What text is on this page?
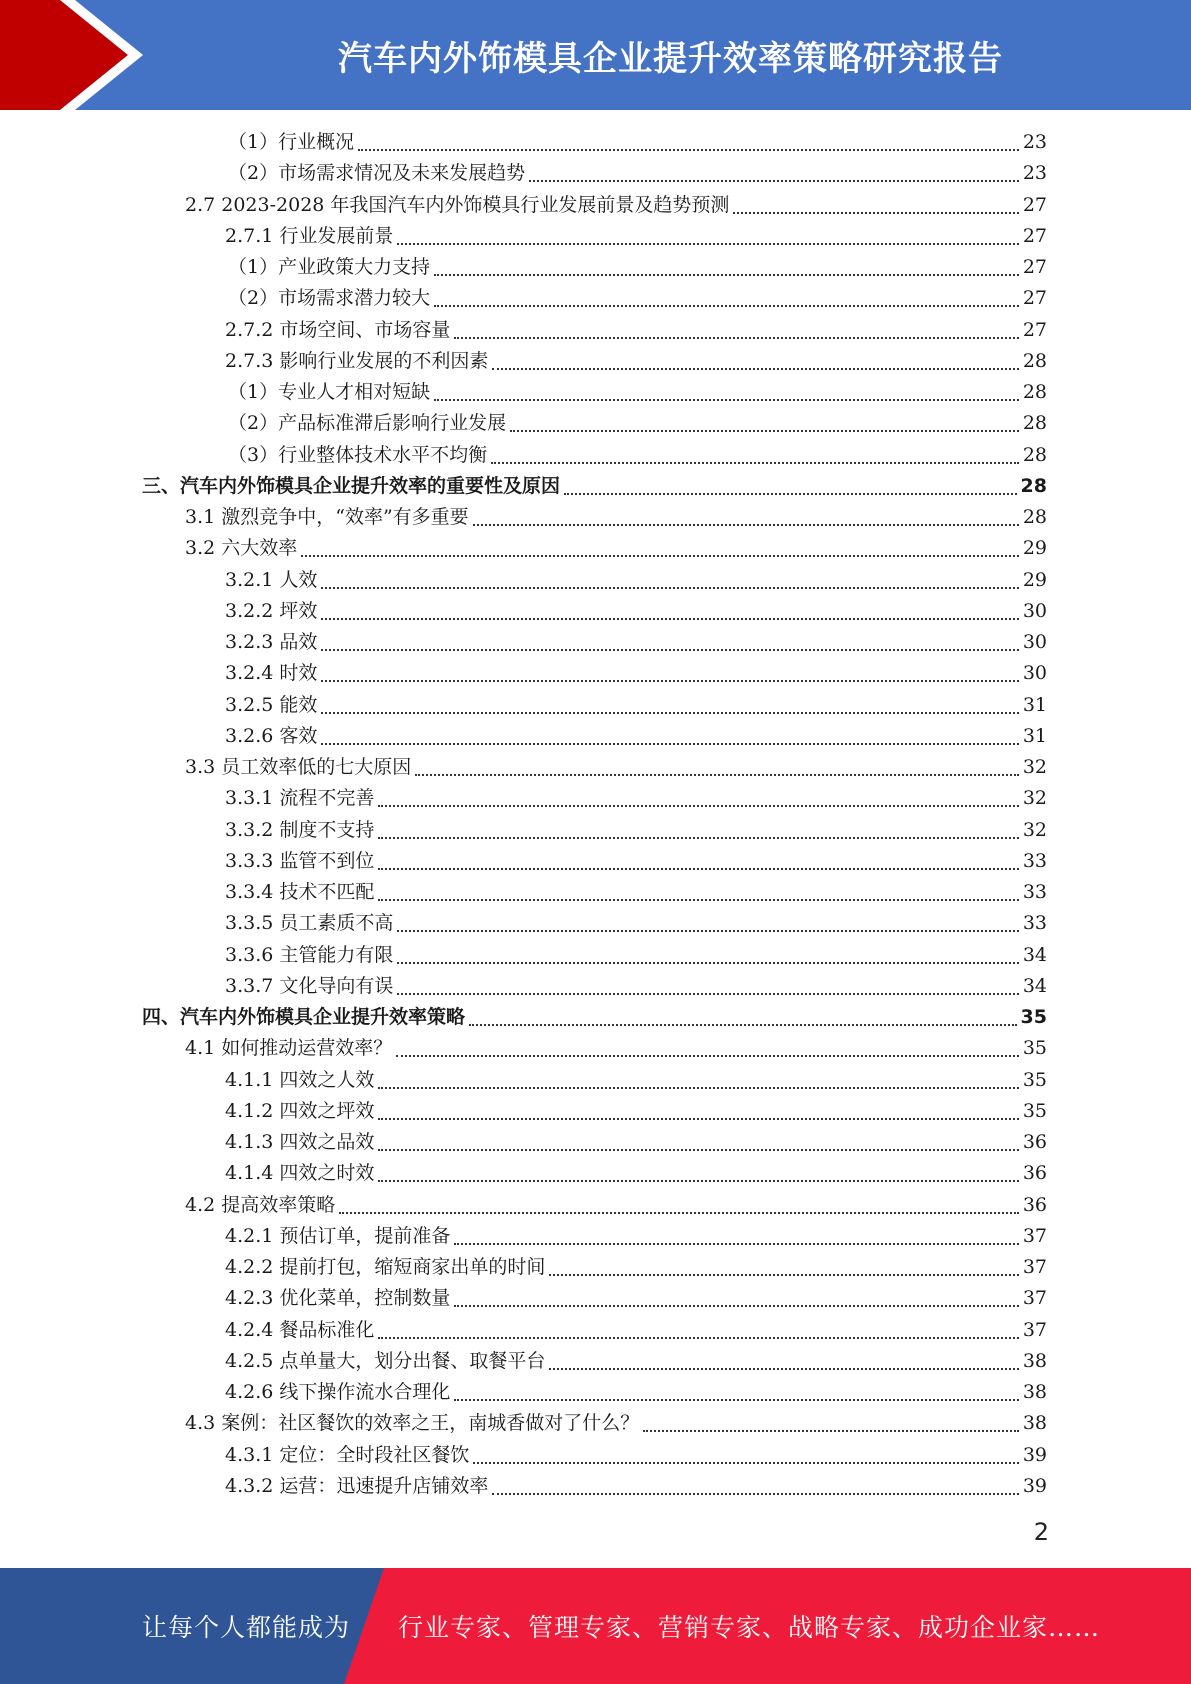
汽车内外饰模具企业提升效率策略研究报告
（1）行业概况	23
（2）市场需求情况及未来发展趋势	23
2.7 2023-2028 年我国汽车内外饰模具行业发展前景及趋势预测	27
2.7.1 行业发展前景	27
（1）产业政策大力支持	27
（2）市场需求潜力较大	27
2.7.2 市场空间、市场容量	27
2.7.3 影响行业发展的不利因素	28
（1）专业人才相对短缺	28
（2）产品标准滞后影响行业发展	28
（3）行业整体技术水平不均衡	28
三、汽车内外饰模具企业提升效率的重要性及原因	28
3.1 激烈竞争中，“效率”有多重要	28
3.2 六大效率	29
3.2.1 人效	29
3.2.2 坪效	30
3.2.3 品效	30
3.2.4 时效	30
3.2.5 能效	31
3.2.6 客效	31
3.3 员工效率低的七大原因	32
3.3.1 流程不完善	32
3.3.2 制度不支持	32
3.3.3 监管不到位	33
3.3.4 技术不匹配	33
3.3.5 员工素质不高	33
3.3.6 主管能力有限	34
3.3.7 文化导向有误	34
四、汽车内外饰模具企业提升效率策略	35
4.1 如何推动运营效率？	35
4.1.1 四效之人效	35
4.1.2 四效之坪效	35
4.1.3 四效之品效	36
4.1.4 四效之时效	36
4.2 提高效率策略	36
4.2.1 预估订单，提前准备	37
4.2.2 提前打包，缩短商家出单的时间	37
4.2.3 优化菜单，控制数量	37
4.2.4 餐品标准化	37
4.2.5 点单量大，划分出餐、取餐平台	38
4.2.6 线下操作流水合理化	38
4.3 案例：社区餐饮的效率之王，南城香做对了什么？	38
4.3.1 定位：全时段社区餐饮	39
4.3.2 运营：迅速提升店铺效率	39
2
让每个人都能成为 行业专家、管理专家、营销专家、战略专家、成功企业家……
